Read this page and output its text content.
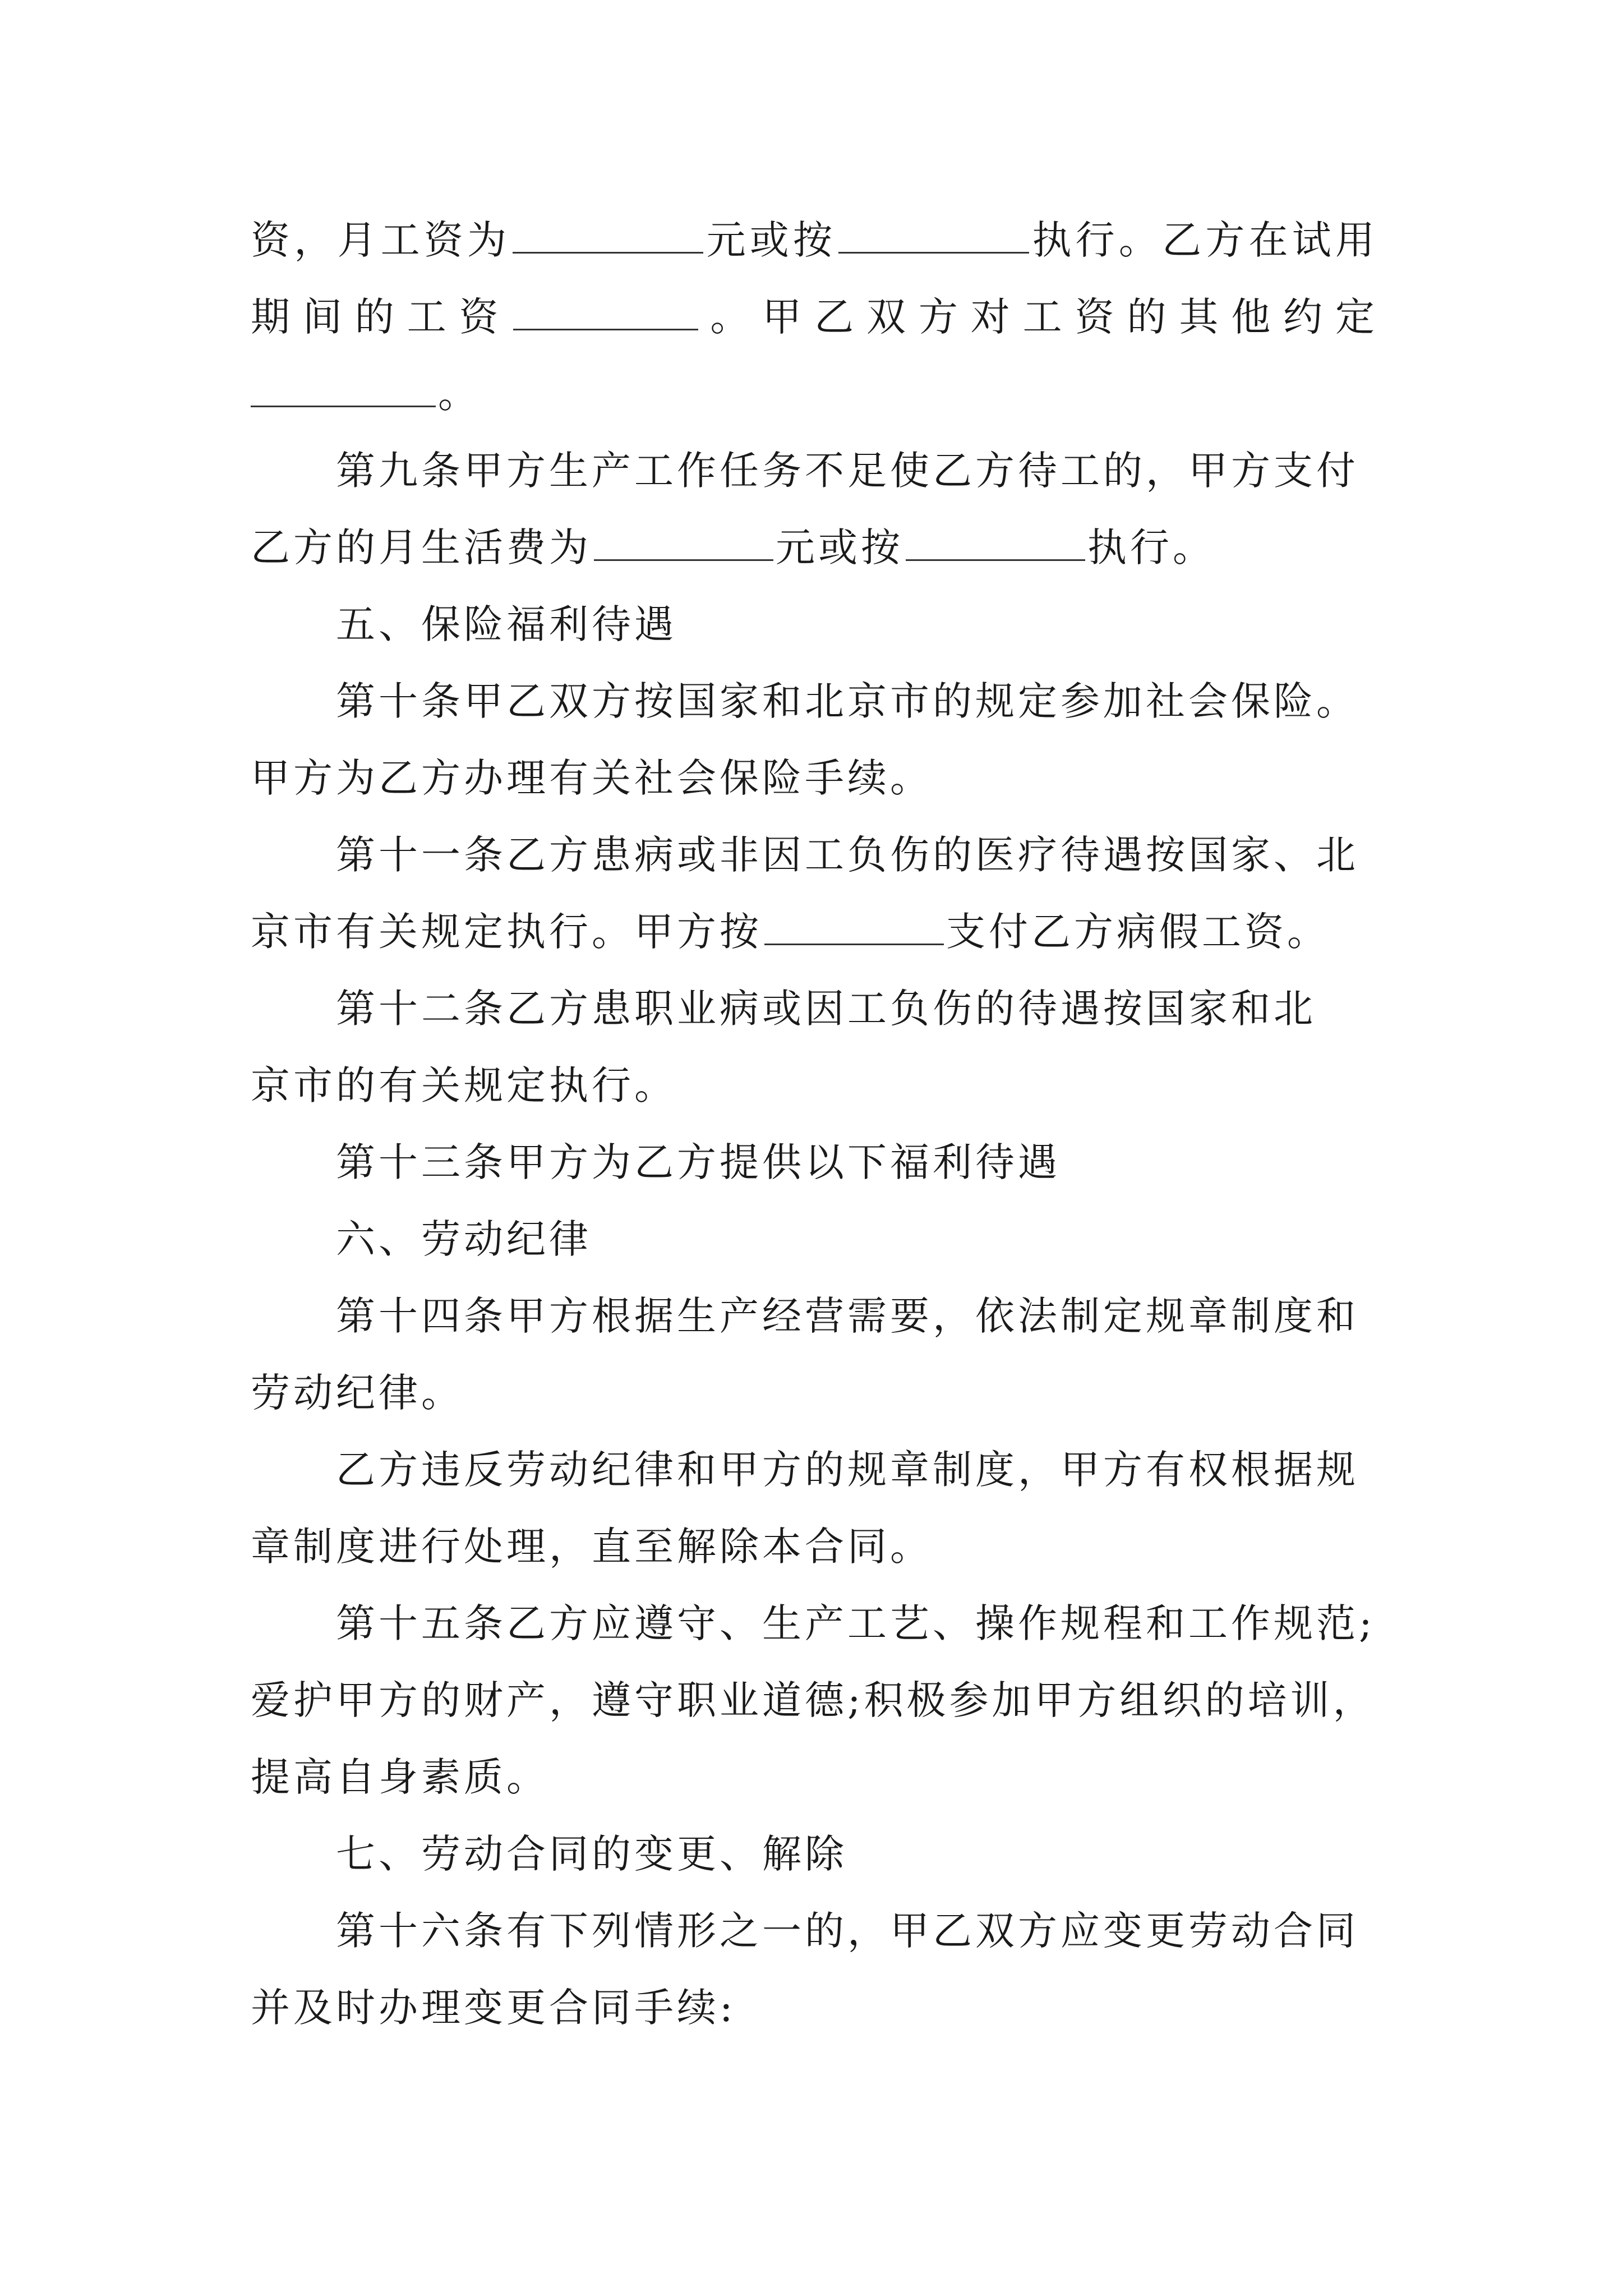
资，月工资为	元或按	执行。乙方在试用
期间的工资	。甲乙双方对工资的其他约定
。
第九条甲方生产工作任务不足使乙方待工的，甲方支付
乙方的月生活费为	元或按	执行。
五、保险福利待遇
第十条甲乙双方按国家和北京市的规定参加社会保险。
甲方为乙方办理有关社会保险手续。
第十一条乙方患病或非因工负伤的医疗待遇按国家、北
京市有关规定执行。甲方按	支付乙方病假工资。
第十二条乙方患职业病或因工负伤的待遇按国家和北
京市的有关规定执行。
第十三条甲方为乙方提供以下福利待遇
六、劳动纪律
第十四条甲方根据生产经营需要，依法制定规章制度和
劳动纪律。
乙方违反劳动纪律和甲方的规章制度，甲方有权根据规
章制度进行处理，直至解除本合同。
第十五条乙方应遵守、生产工艺、操作规程和工作规范;
爱护甲方的财产，遵守职业道德;积极参加甲方组织的培训，
提高自身素质。
七、劳动合同的变更、解除
第十六条有下列情形之一的，甲乙双方应变更劳动合同
并及时办理变更合同手续:
